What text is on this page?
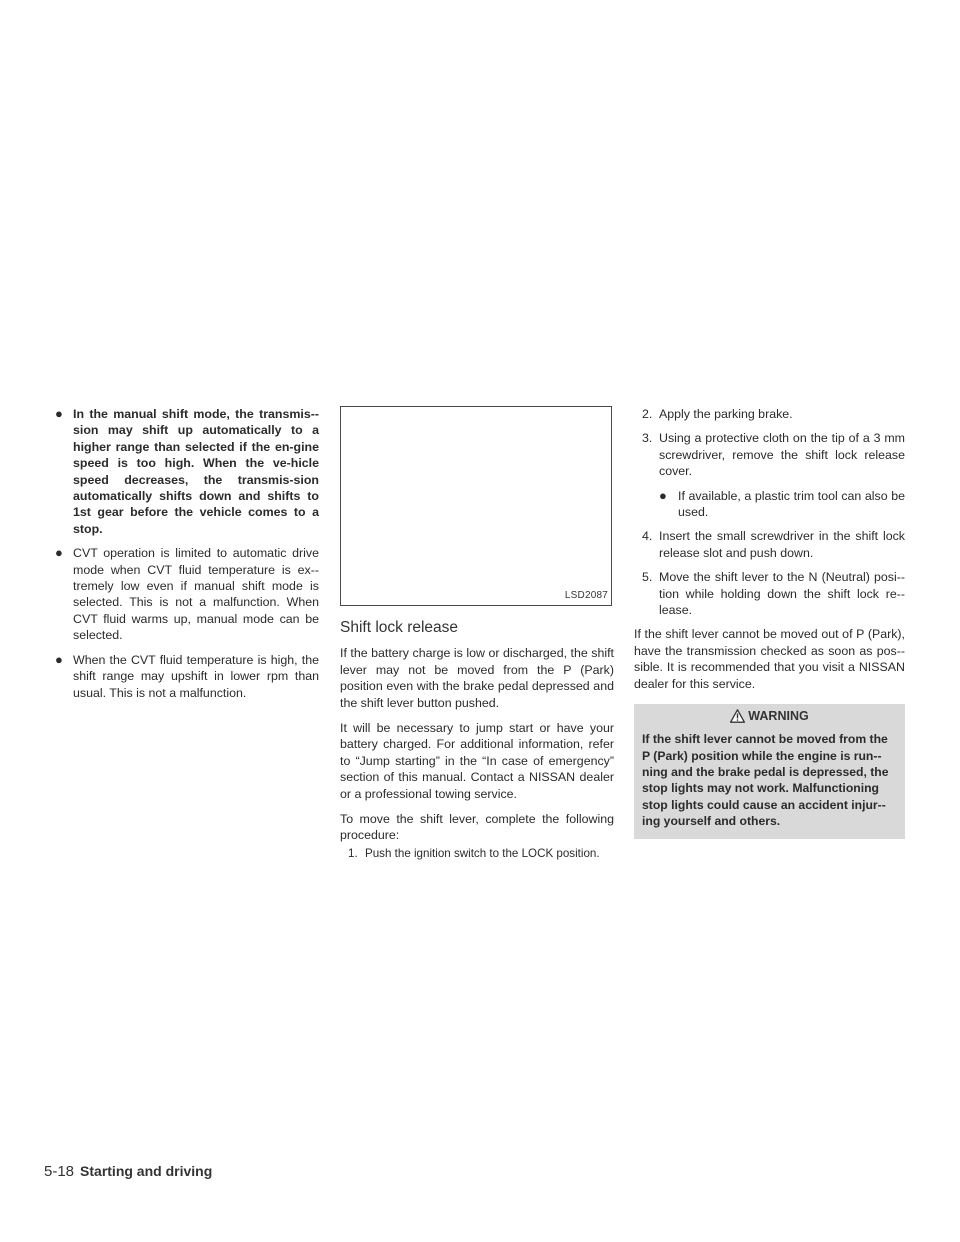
● In the manual shift mode, the transmis-sion may shift up automatically to a higher range than selected if the en-gine speed is too high. When the ve-hicle speed decreases, the transmis-sion automatically shifts down and shifts to 1st gear before the vehicle comes to a stop.
● CVT operation is limited to automatic drive mode when CVT fluid temperature is ex-tremely low even if manual shift mode is selected. This is not a malfunction. When CVT fluid warms up, manual mode can be selected.
● When the CVT fluid temperature is high, the shift range may upshift in lower rpm than usual. This is not a malfunction.
LSD2087
Shift lock release

If the battery charge is low or discharged, the shift lever may not be moved from the P (Park) position even with the brake pedal depressed and the shift lever button pushed.

It will be necessary to jump start or have your battery charged. For additional information, refer to “Jump starting” in the “In case of emergency” section of this manual. Contact a NISSAN dealer or a professional towing service.

To move the shift lever, complete the following procedure:

1. Push the ignition switch to the LOCK position.
2. Apply the parking brake.
3. Using a protective cloth on the tip of a 3 mm screwdriver, remove the shift lock release cover.
● If available, a plastic trim tool can also be used.
4. Insert the small screwdriver in the shift lock release slot and push down.
5. Move the shift lever to the N (Neutral) posi-tion while holding down the shift lock re-lease.

If the shift lever cannot be moved out of P (Park), have the transmission checked as soon as pos-sible. It is recommended that you visit a NISSAN dealer for this service.

WARNING
If the shift lever cannot be moved from the P (Park) position while the engine is run-ning and the brake pedal is depressed, the stop lights may not work. Malfunctioning stop lights could cause an accident injur-ing yourself and others.
5-18 Starting and driving
